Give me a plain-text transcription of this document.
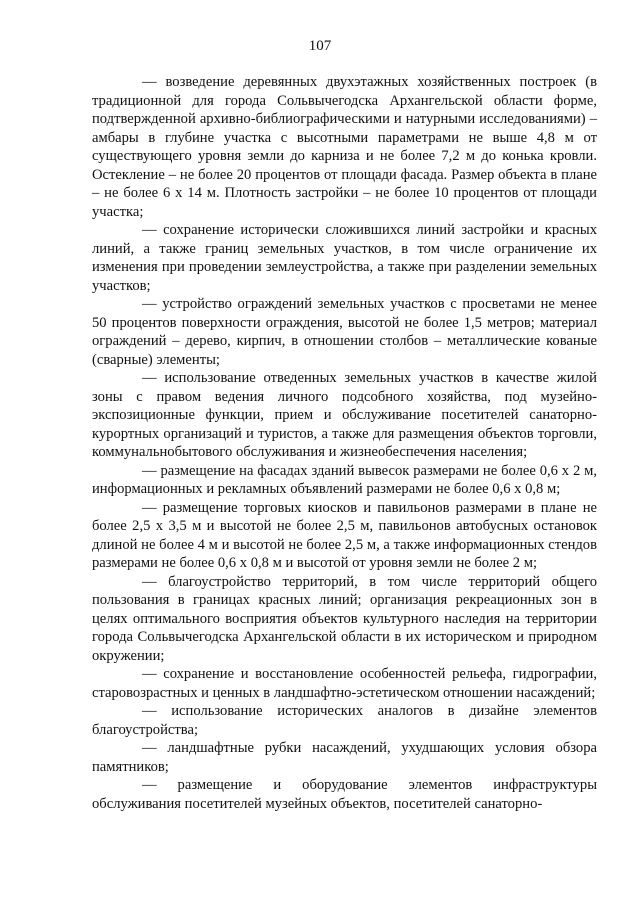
107

— возведение деревянных двухэтажных хозяйственных построек (в традиционной для города Сольвычегодска Архангельской области форме, подтвержденной архивно-библиографическими и натурными исследованиями) – амбары в глубине участка с высотными параметрами не выше 4,8 м от существующего уровня земли до карниза и не более 7,2 м до конька кровли. Остекление – не более 20 процентов от площади фасада. Размер объекта в плане – не более 6 х 14 м. Плотность застройки – не более 10 процентов от площади участка;

— сохранение исторически сложившихся линий застройки и красных линий, а также границ земельных участков, в том числе ограничение их изменения при проведении землеустройства, а также при разделении земельных участков;

— устройство ограждений земельных участков с просветами не менее 50 процентов поверхности ограждения, высотой не более 1,5 метров; материал ограждений – дерево, кирпич, в отношении столбов – металлические кованые (сварные) элементы;

— использование отведенных земельных участков в качестве жилой зоны с правом ведения личного подсобного хозяйства, под музейно-экспозиционные функции, прием и обслуживание посетителей санаторно-курортных организаций и туристов, а также для размещения объектов торговли, коммунальнобытового обслуживания и жизнеобеспечения населения;

— размещение на фасадах зданий вывесок размерами не более 0,6 х 2 м, информационных и рекламных объявлений размерами не более 0,6 х 0,8 м;

— размещение торговых киосков и павильонов размерами в плане не более 2,5 х 3,5 м и высотой не более 2,5 м, павильонов автобусных остановок длиной не более 4 м и высотой не более 2,5 м, а также информационных стендов размерами не более 0,6 х 0,8 м и высотой от уровня земли не более 2 м;

— благоустройство территорий, в том числе территорий общего пользования в границах красных линий; организация рекреационных зон в целях оптимального восприятия объектов культурного наследия на территории города Сольвычегодска Архангельской области в их историческом и природном окружении;

— сохранение и восстановление особенностей рельефа, гидрографии, старовозрастных и ценных в ландшафтно-эстетическом отношении насаждений;

— использование исторических аналогов в дизайне элементов благоустройства;

— ландшафтные рубки насаждений, ухудшающих условия обзора памятников;

— размещение и оборудование элементов инфраструктуры обслуживания посетителей музейных объектов, посетителей санаторно-
